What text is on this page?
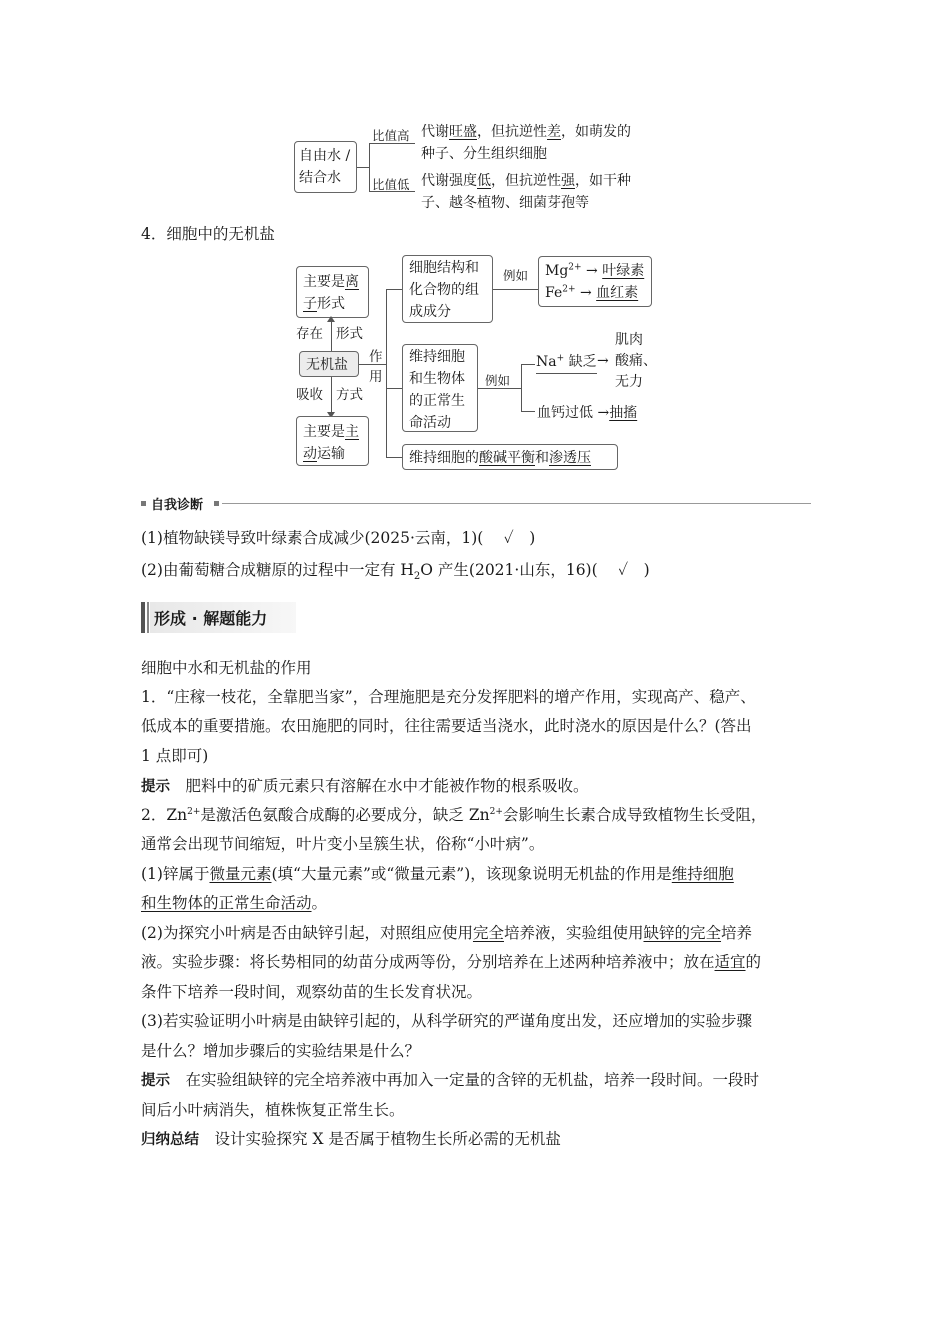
自由水 /
结合水
比值高
比值低
代谢旺盛，但抗逆性差，如萌发的
种子、分生组织细胞
代谢强度低，但抗逆性强，如干种
子、越冬植物、细菌芽孢等
4．细胞中的无机盐
主要是离
子形式
存在 形式
无机盐
吸收 方式
主要是主
动运输
作
用
细胞结构和化合物的组成成分
例如	$Mg^{2+}$ → 叶绿素
$Fe^{2+}$ → 血红素
维持细胞和生物体的正常生命活动
例如
Na+ 缺乏 →
肌肉
酸痛、
无力
血钙过低 →抽搐
维持细胞的酸碱平衡和渗透压
自我诊断
(1)植物缺镁导致叶绿素合成减少(2025·云南，1)(　 ✓　)
(2)由葡萄糖合成糖原的过程中一定有 $H_2O$ 产生(2021·山东，16)(　 ✓　)
形成 · 解题能力
细胞中水和无机盐的作用
1．“庄稼一枝花，全靠肥当家”，合理施肥是充分发挥肥料的增产作用，实现高产、稳产、
低成本的重要措施。农田施肥的同时，往往需要适当浇水，此时浇水的原因是什么？(答出
1 点即可)
提示　 肥料中的矿质元素只有溶解在水中才能被作物的根系吸收。
2．$Zn^{2+}$是激活色氨酸合成酶的必要成分，缺乏 $Zn^{2+}$会影响生长素合成导致植物生长受阻，
通常会出现节间缩短，叶片变小呈簇生状，俗称“小叶病”。
(1)锌属于微量元素(填“大量元素”或“微量元素”)，该现象说明无机盐的作用是维持细胞
和生物体的正常生命活动。
(2)为探究小叶病是否由缺锌引起，对照组应使用完全培养液，实验组使用缺锌的完全培养
液。实验步骤：将长势相同的幼苗分成两等份，分别培养在上述两种培养液中；放在适宜的
条件下培养一段时间，观察幼苗的生长发育状况。
(3)若实验证明小叶病是由缺锌引起的，从科学研究的严谨角度出发，还应增加的实验步骤
是什么？增加步骤后的实验结果是什么？
提示　 在实验组缺锌的完全培养液中再加入一定量的含锌的无机盐，培养一段时间。一段时
间后小叶病消失，植株恢复正常生长。
归纳总结　 设计实验探究 X 是否属于植物生长所必需的无机盐
